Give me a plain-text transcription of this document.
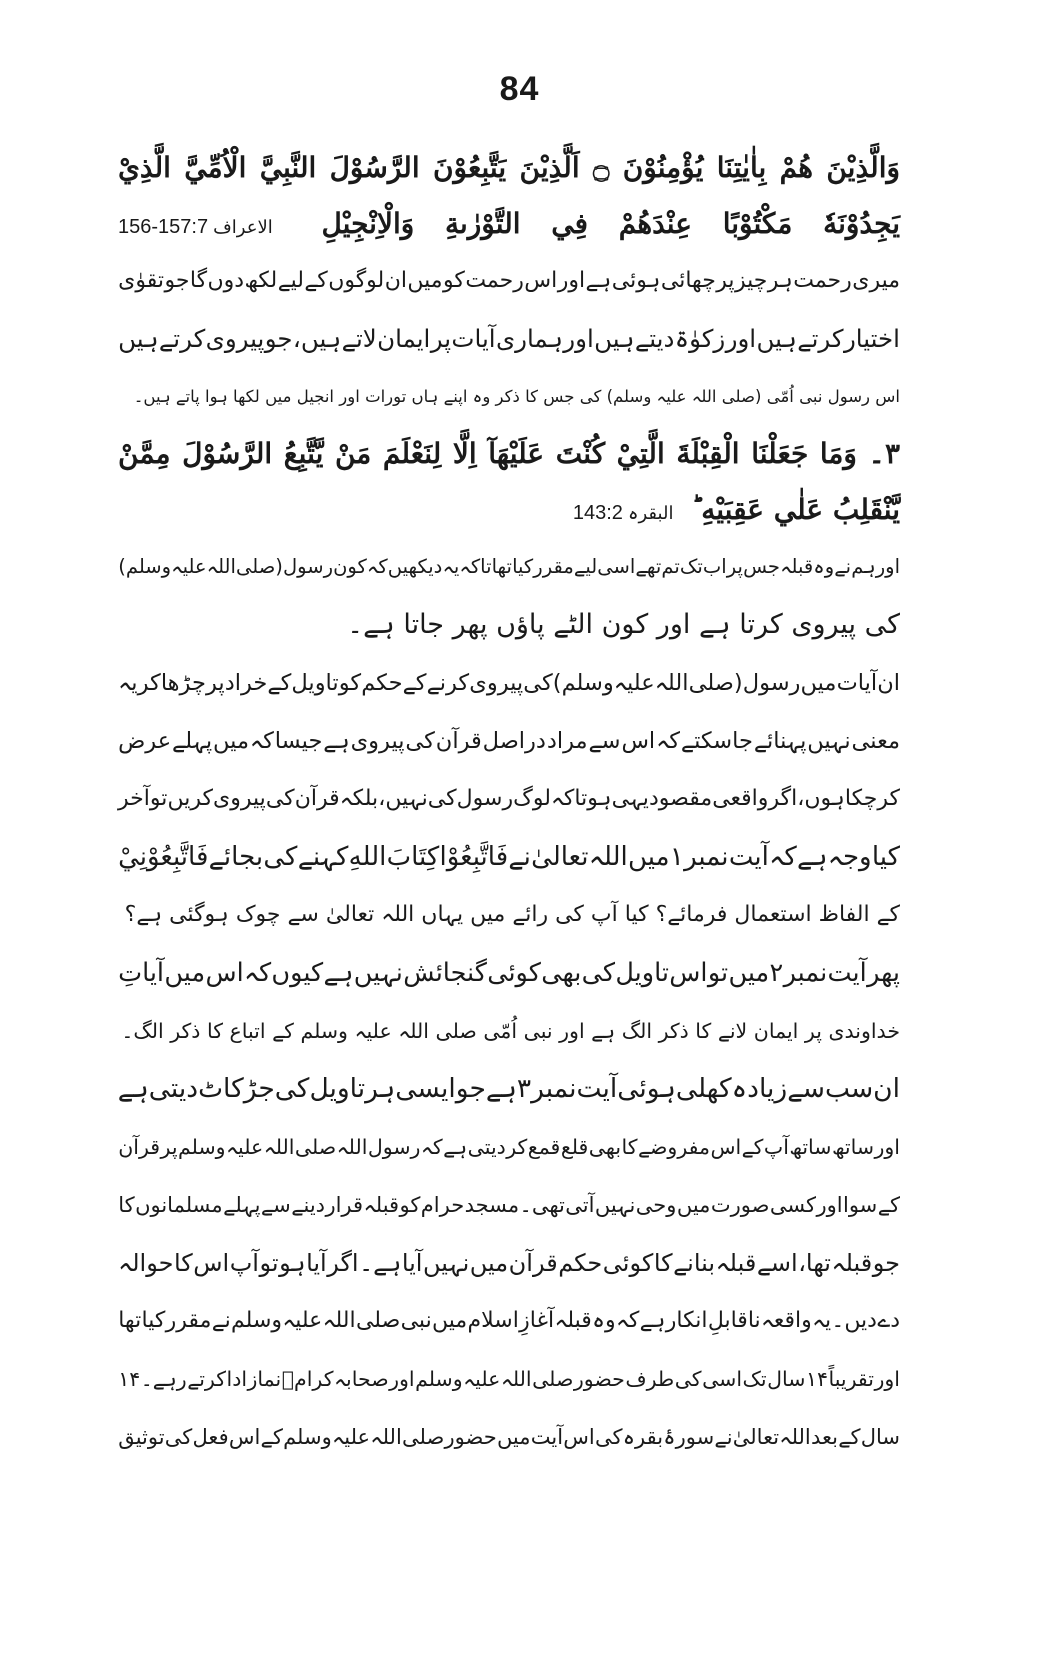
84
وَالَّذِيْنَ
هُمْ
بِاٰيٰتِنَا
يُؤْمِنُوْنَ
۝
اَلَّذِيْنَ
يَتَّبِعُوْنَ
الرَّسُوْلَ
النَّبِيَّ
الْاُمِّيَّ
الَّذِيْ
يَجِدُوْنَهٗ
مَكْتُوْبًا
عِنْدَهُمْ
فِي
التَّوْرٰىةِ
وَالْاِنْجِيْلِ
الاعراف 156-157:7
میری
رحمت
ہر
چیز
پر
چھائی
ہوئی
ہے
اور
اس
رحمت
کو
میں
ان
لوگوں
کے
لیے
لکھ
دوں
گا
جو
تقوٰی
اختیار
کرتے
ہیں
اور
زکوٰۃ
دیتے
ہیں
اور
ہماری
آیات
پر
ایمان
لاتے
ہیں،
جو
پیروی
کرتے
ہیں
اس

رسول

نبی

اُمّی

(صلی

اللہ

علیہ

وسلم)

کی

جس

کا

ذکر

وہ

اپنے

ہاں

تورات

اور

انجیل

میں

لکھا

ہوا

پاتے

ہیں۔
۳۔
وَمَا
جَعَلْنَا
الْقِبْلَةَ
الَّتِيْ
كُنْتَ
عَلَيْهَآ
اِلَّا
لِنَعْلَمَ
مَنْ
يَّتَّبِعُ
الرَّسُوْلَ
مِمَّنْ
يَّنْقَلِبُ

عَلٰي

عَقِبَيْهِ

البقرہ 143:2
اور
ہم
نے
وہ
قبلہ
جس
پر
اب
تک
تم
تھے
اسی
لیے
مقرر
کیا
تھا
تاکہ
یہ
دیکھیں
کہ
کون
رسول
(صلی
اللہ
علیہ
وسلم)
کی

پیروی

کرتا

ہے

اور

کون

الٹے

پاؤں

پھر

جاتا

ہے۔
ان
آیات
میں
رسول
(صلی
اللہ
علیہ
وسلم)
کی
پیروی
کرنے
کے
حکم
کو
تاویل
کے
خراد
پر
چڑھا
کر
یہ
معنی
نہیں
پہنائے
جاسکتے
کہ
اس
سے
مراد
دراصل
قرآن
کی
پیروی
ہے
جیسا
کہ
میں
پہلے
عرض
کر
چکا
ہوں،
اگر
واقعی
مقصود
یہی
ہوتا
کہ
لوگ
رسول
کی
نہیں،
بلکہ
قرآن
کی
پیروی
کریں
تو
آخر
کیا
وجہ
ہے
کہ
آیت
نمبر
۱
میں
اللہ
تعالیٰ
نے
فَاتَّبِعُوْا
كِتَابَ
اللهِ
کہنے
کی
بجائے
فَاتَّبِعُوْنِيْ
کے

الفاظ

استعمال

فرمائے؟

کیا

آپ

کی

رائے

میں

یہاں

اللہ

تعالیٰ

سے

چوک

ہوگئی

ہے؟
پھر
آیت
نمبر
۲
میں
تو
اس
تاویل
کی
بھی
کوئی
گنجائش
نہیں
ہے
کیوں
کہ
اس
میں
آیاتِ
خداوندی

پر

ایمان

لانے

کا

ذکر

الگ

ہے

اور

نبی

اُمّی

صلی

اللہ

علیہ

وسلم

کے

اتباع

کا

ذکر

الگ۔
ان
سب
سے
زیادہ
کھلی
ہوئی
آیت
نمبر
۳
ہے
جو
ایسی
ہر
تاویل
کی
جڑ
کاٹ
دیتی
ہے
اور
ساتھ
ساتھ
آپ
کے
اس
مفروضے
کا
بھی
قلع
قمع
کر
دیتی
ہے
کہ
رسول
اللہ
صلی
اللہ
علیہ
وسلم
پر
قرآن
کے
سوا
اور
کسی
صورت
میں
وحی
نہیں
آتی
تھی۔
مسجد
حرام
کو
قبلہ
قرار
دینے
سے
پہلے
مسلمانوں
کا
جو
قبلہ
تھا،
اسے
قبلہ
بنانے
کا
کوئی
حکم
قرآن
میں
نہیں
آیا
ہے۔
اگر
آیا
ہو
تو
آپ
اس
کا
حوالہ
دے
دیں۔
یہ
واقعہ
ناقابلِ
انکار
ہے
کہ
وہ
قبلہ
آغازِ
اسلام
میں
نبی
صلی
اللہ
علیہ
وسلم
نے
مقرر
کیا
تھا
اور
تقریباً
۱۴
سال
تک
اسی
کی
طرف
حضور
صلی
اللہ
علیہ
وسلم
اور
صحابہ
کرامؓ
نماز
ادا
کرتے
رہے۔
۱۴
سال
کے
بعد
اللہ
تعالیٰ
نے
سورۂ
بقرہ
کی
اس
آیت
میں
حضور
صلی
اللہ
علیہ
وسلم
کے
اس
فعل
کی
توثیق
